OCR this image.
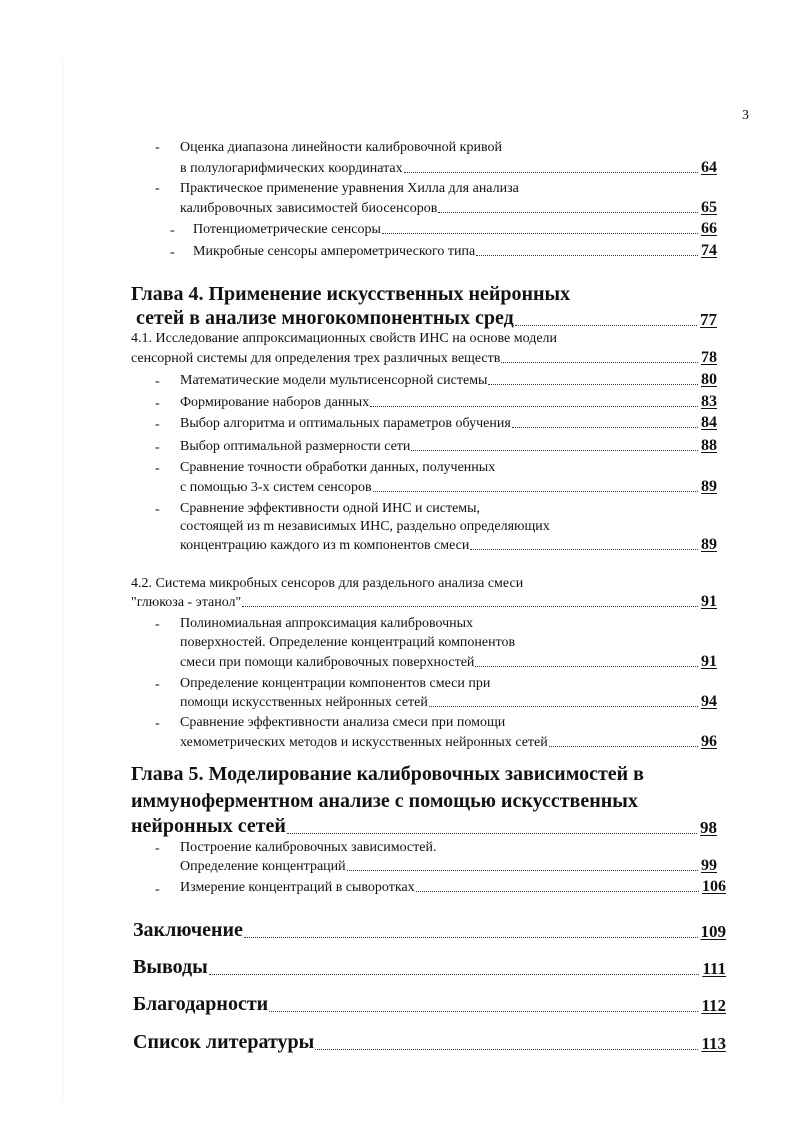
3
- Оценка диапазона линейности калибровочной кривой
в полулогарифмических координатах	64
- Практическое применение уравнения Хилла для анализа
калибровочных зависимостей биосенсоров	65
- Потенциометрические сенсоры	66
- Микробные сенсоры амперометрического типа	74
Глава 4. Применение искусственных нейронных
сетей в анализе многокомпонентных сред	77
4.1. Исследование аппроксимационных свойств ИНС на основе модели
сенсорной системы для определения трех различных веществ	78
- Математические модели мультисенсорной системы	80
- Формирование наборов данных	83
- Выбор алгоритма и оптимальных параметров обучения	84
- Выбор оптимальной размерности сети	88
- Сравнение точности обработки данных, полученных
с помощью 3-х систем сенсоров	89
- Сравнение эффективности одной ИНС и системы,
состоящей из m независимых ИНС, раздельно определяющих
концентрацию каждого из m компонентов смеси	89
4.2. Система микробных сенсоров для раздельного анализа смеси
"глюкоза - этанол"	91
- Полиномиальная аппроксимация калибровочных
поверхностей. Определение концентраций компонентов
смеси при помощи калибровочных поверхностей	91
- Определение концентрации компонентов смеси при
помощи искусственных нейронных сетей	94
- Сравнение эффективности анализа смеси при помощи
хемометрических методов и искусственных нейронных сетей	96
Глава 5. Моделирование калибровочных зависимостей в
иммуноферментном анализе с помощью искусственных
нейронных сетей	98
- Построение калибровочных зависимостей.
Определение концентраций	99
- Измерение концентраций в сыворотках	106
Заключение	109
Выводы	111
Благодарности	112
Список литературы	113
